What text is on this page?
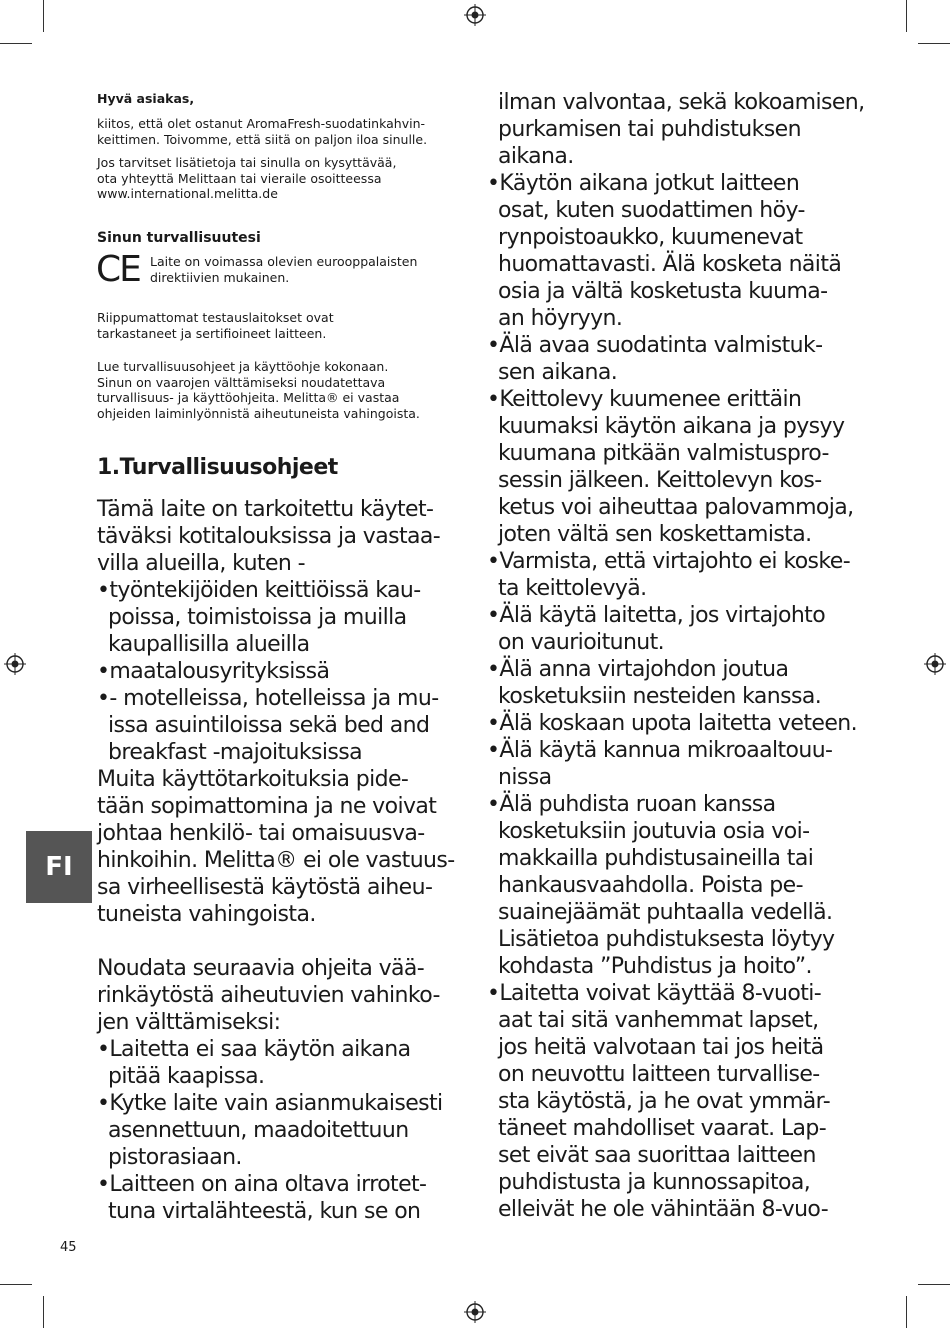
Hyvä asiakas,

kiitos, että olet ostanut AromaFresh-suodatinkahvin-

keittimen. Toivomme, että siitä on paljon iloa sinulle.

Jos tarvitset lisätietoja tai sinulla on kysyttävää,

ota yhteyttä Melittaan tai vieraile osoitteessa

www.international.melitta.de

Sinun turvallisuutesi
CE Laite on voimassa olevien eurooppalaisten

direktiivien mukainen.

Riippumattomat testauslaitokset ovat

tarkastaneet ja sertifioineet laitteen.

Lue turvallisuusohjeet ja käyttöohje kokonaan.

Sinun on vaarojen välttämiseksi noudatettava

turvallisuus- ja käyttöohjeita. Melitta® ei vastaa

ohjeiden laiminlyönnistä aiheutuneista vahingoista.

1.Turvallisuusohjeet
Tämä laite on tarkoitettu käytet-
täväksi kotitalouksissa ja vastaa-
villa alueilla, kuten -
•työntekijöiden keittiöissä kau-
poissa, toimistoissa ja muilla
kaupallisilla alueilla
•maatalousyrityksissä
•- motelleissa, hotelleissa ja mu-
issa asuintiloissa sekä bed and
breakfast -majoituksissa
Muita käyttötarkoituksia pide-
tään sopimattomina ja ne voivat
johtaa henkilö- tai omaisuusva-
hinkoihin. Melitta® ei ole vastuus-
sa virheellisestä käytöstä aiheu-
tuneista vahingoista.
Noudata seuraavia ohjeita vää-
rinkäytöstä aiheutuvien vahinko-
jen välttämiseksi:
•Laitetta ei saa käytön aikana
pitää kaapissa.
•Kytke laite vain asianmukaisesti
asennettuun, maadoitettuun
pistorasiaan.
•Laitteen on aina oltava irrotet-
tuna virtalähteestä, kun se on
ilman valvontaa, sekä kokoamisen,
purkamisen tai puhdistuksen
aikana.
•Käytön aikana jotkut laitteen
osat, kuten suodattimen höy-
rynpoistoaukko, kuumenevat
huomattavasti. Älä kosketa näitä
osia ja vältä kosketusta kuuma-
an höyryyn.
•Älä avaa suodatinta valmistuk-
sen aikana.
•Keittolevy kuumenee erittäin
kuumaksi käytön aikana ja pysyy
kuumana pitkään valmistuspro-
sessin jälkeen. Keittolevyn kos-
ketus voi aiheuttaa palovammoja,
joten vältä sen koskettamista.
•Varmista, että virtajohto ei koske-
ta keittolevyä.
•Älä käytä laitetta, jos virtajohto
on vaurioitunut.
•Älä anna virtajohdon joutua
kosketuksiin nesteiden kanssa.
•Älä koskaan upota laitetta veteen.
•Älä käytä kannua mikroaaltouu-
nissa
•Älä puhdista ruoan kanssa
kosketuksiin joutuvia osia voi-
makkailla puhdistusaineilla tai
hankausvaahdolla. Poista pe-
suainejäämät puhtaalla vedellä.
Lisätietoa puhdistuksesta löytyy
kohdasta ”Puhdistus ja hoito”.
•Laitetta voivat käyttää 8-vuoti-
aat tai sitä vanhemmat lapset,
jos heitä valvotaan tai jos heitä
on neuvottu laitteen turvallise-
sta käytöstä, ja he ovat ymmär-
täneet mahdolliset vaarat. Lap-
set eivät saa suorittaa laitteen
puhdistusta ja kunnossapitoa,
elleivät he ole vähintään 8-vuo-
FI
45
